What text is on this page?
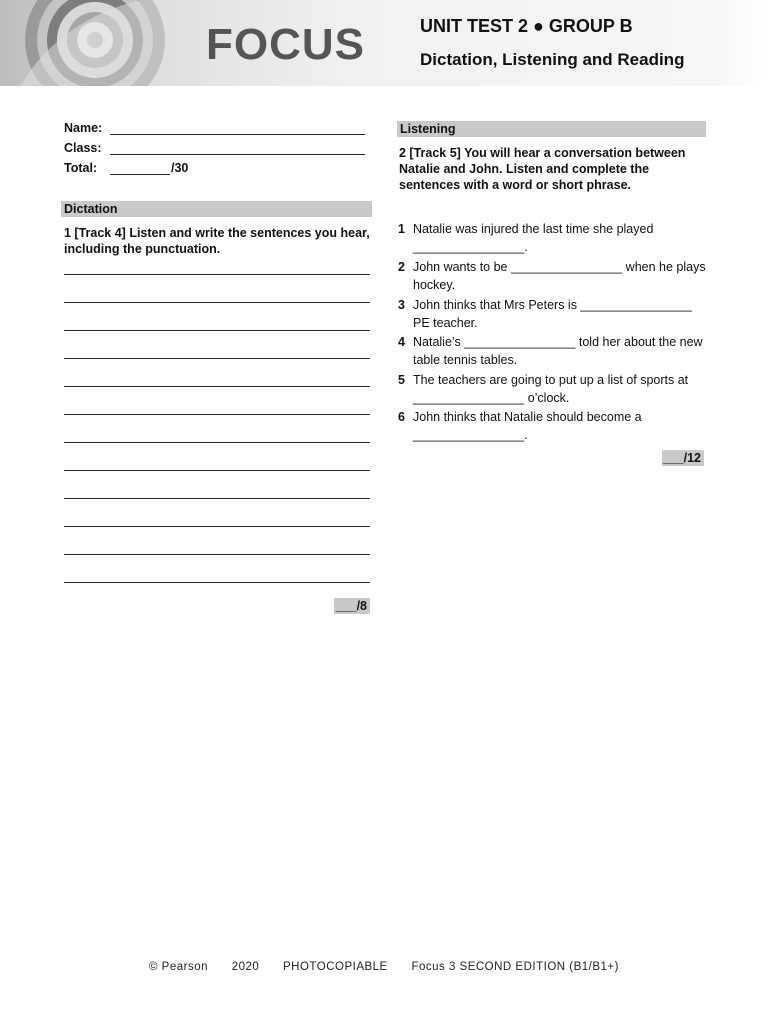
FOCUS	UNIT TEST 2 ● GROUP B
Dictation, Listening and Reading
Name:
Class:
Total:	/30
Dictation
1 [Track 4] Listen and write the sentences you hear, including the punctuation.
___/8
Listening
2 [Track 5] You will hear a conversation between Natalie and John. Listen and complete the sentences with a word or short phrase.
1 Natalie was injured the last time she played ________________.
2 John wants to be ________________ when he plays hockey.
3 John thinks that Mrs Peters is ________________ PE teacher.
4 Natalie’s ________________ told her about the new table tennis tables.
5 The teachers are going to put up a list of sports at ________________ o’clock.
6 John thinks that Natalie should become a ________________.
___/12
© Pearson 2020 PHOTOCOPIABLE Focus 3 SECOND EDITION (B1/B1+)
